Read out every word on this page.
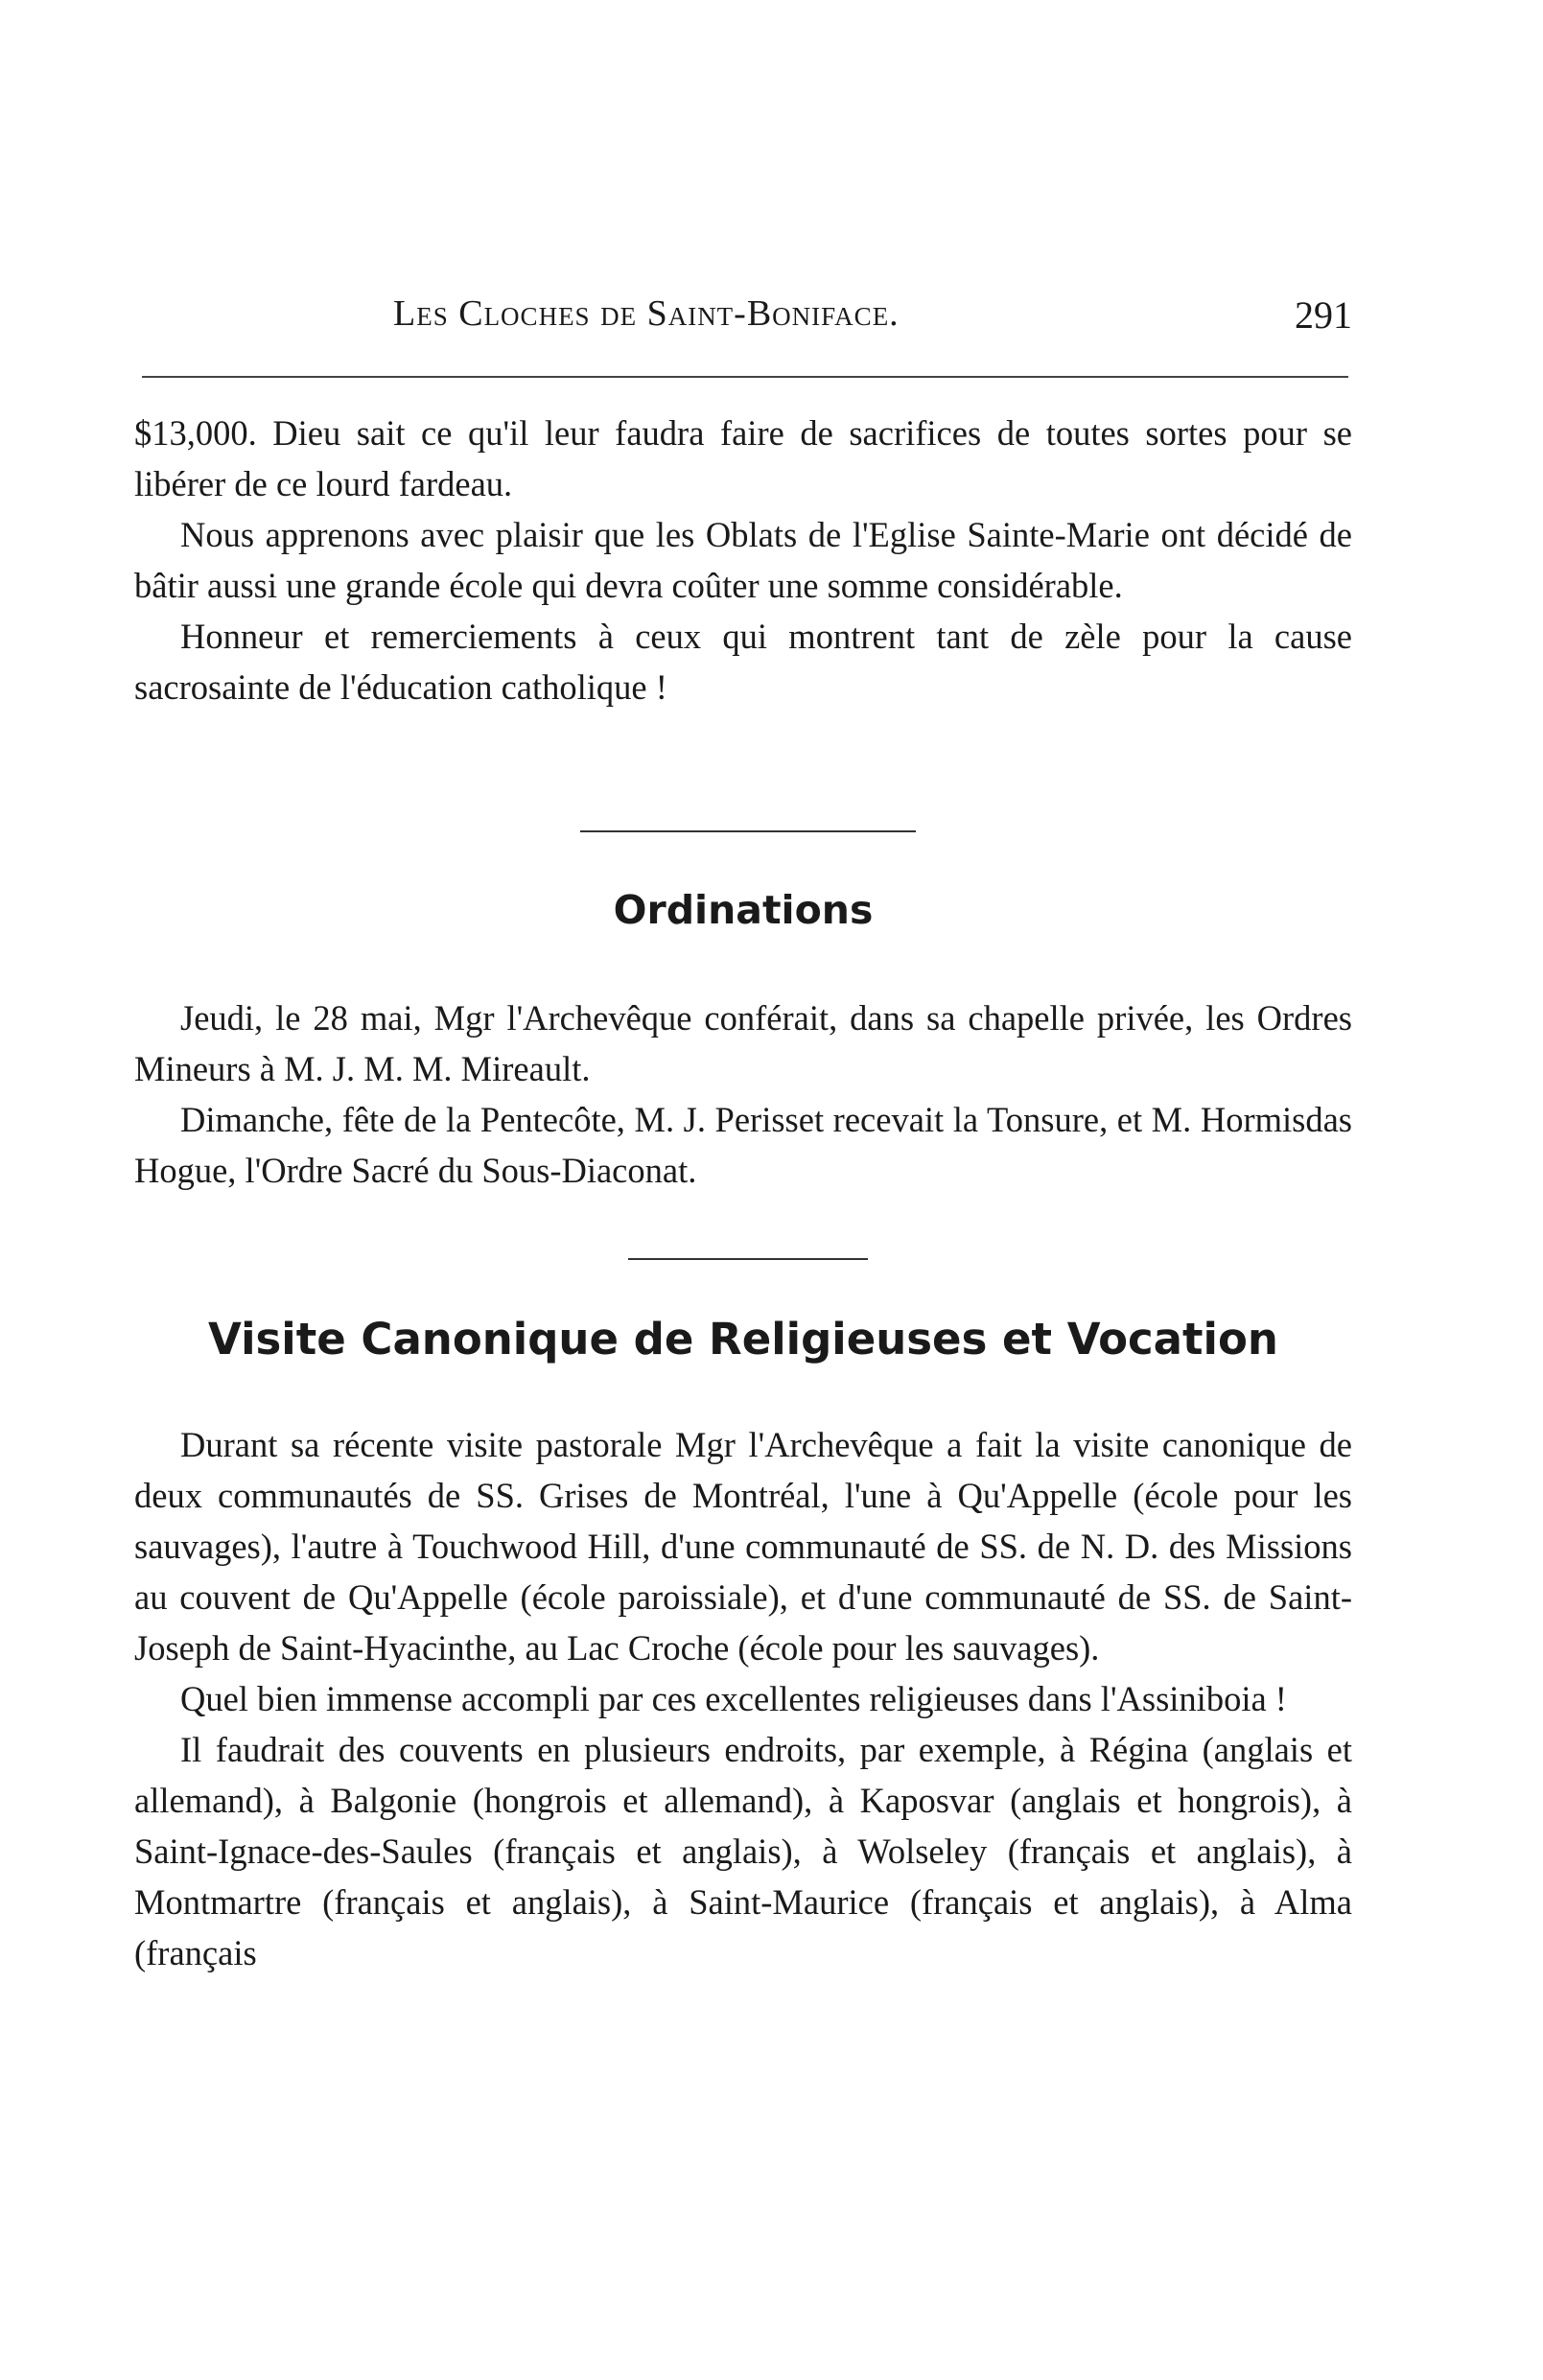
Les Cloches de Saint-Boniface.	291

$13,000. Dieu sait ce qu'il leur faudra faire de sacrifices de toutes sortes pour se libérer de ce lourd fardeau.

Nous apprenons avec plaisir que les Oblats de l'Eglise Sainte-Marie ont décidé de bâtir aussi une grande école qui devra coûter une somme considérable.

Honneur et remerciements à ceux qui montrent tant de zèle pour la cause sacrosainte de l'éducation catholique !

Ordinations

Jeudi, le 28 mai, Mgr l'Archevêque conférait, dans sa chapelle privée, les Ordres Mineurs à M. J. M. M. Mireault.

Dimanche, fête de la Pentecôte, M. J. Perisset recevait la Tonsure, et M. Hormisdas Hogue, l'Ordre Sacré du Sous-Diaconat.

Visite Canonique de Religieuses et Vocation

Durant sa récente visite pastorale Mgr l'Archevêque a fait la visite canonique de deux communautés de SS. Grises de Montréal, l'une à Qu'Appelle (école pour les sauvages), l'autre à Touchwood Hill, d'une communauté de SS. de N. D. des Missions au couvent de Qu'Appelle (école paroissiale), et d'une communauté de SS. de Saint-Joseph de Saint-Hyacinthe, au Lac Croche (école pour les sauvages).

Quel bien immense accompli par ces excellentes religieuses dans l'Assiniboia !

Il faudrait des couvents en plusieurs endroits, par exemple, à Régina (anglais et allemand), à Balgonie (hongrois et allemand), à Kaposvar (anglais et hongrois), à Saint-Ignace-des-Saules (français et anglais), à Wolseley (français et anglais), à Montmartre (français et anglais), à Saint-Maurice (français et anglais), à Alma (français
